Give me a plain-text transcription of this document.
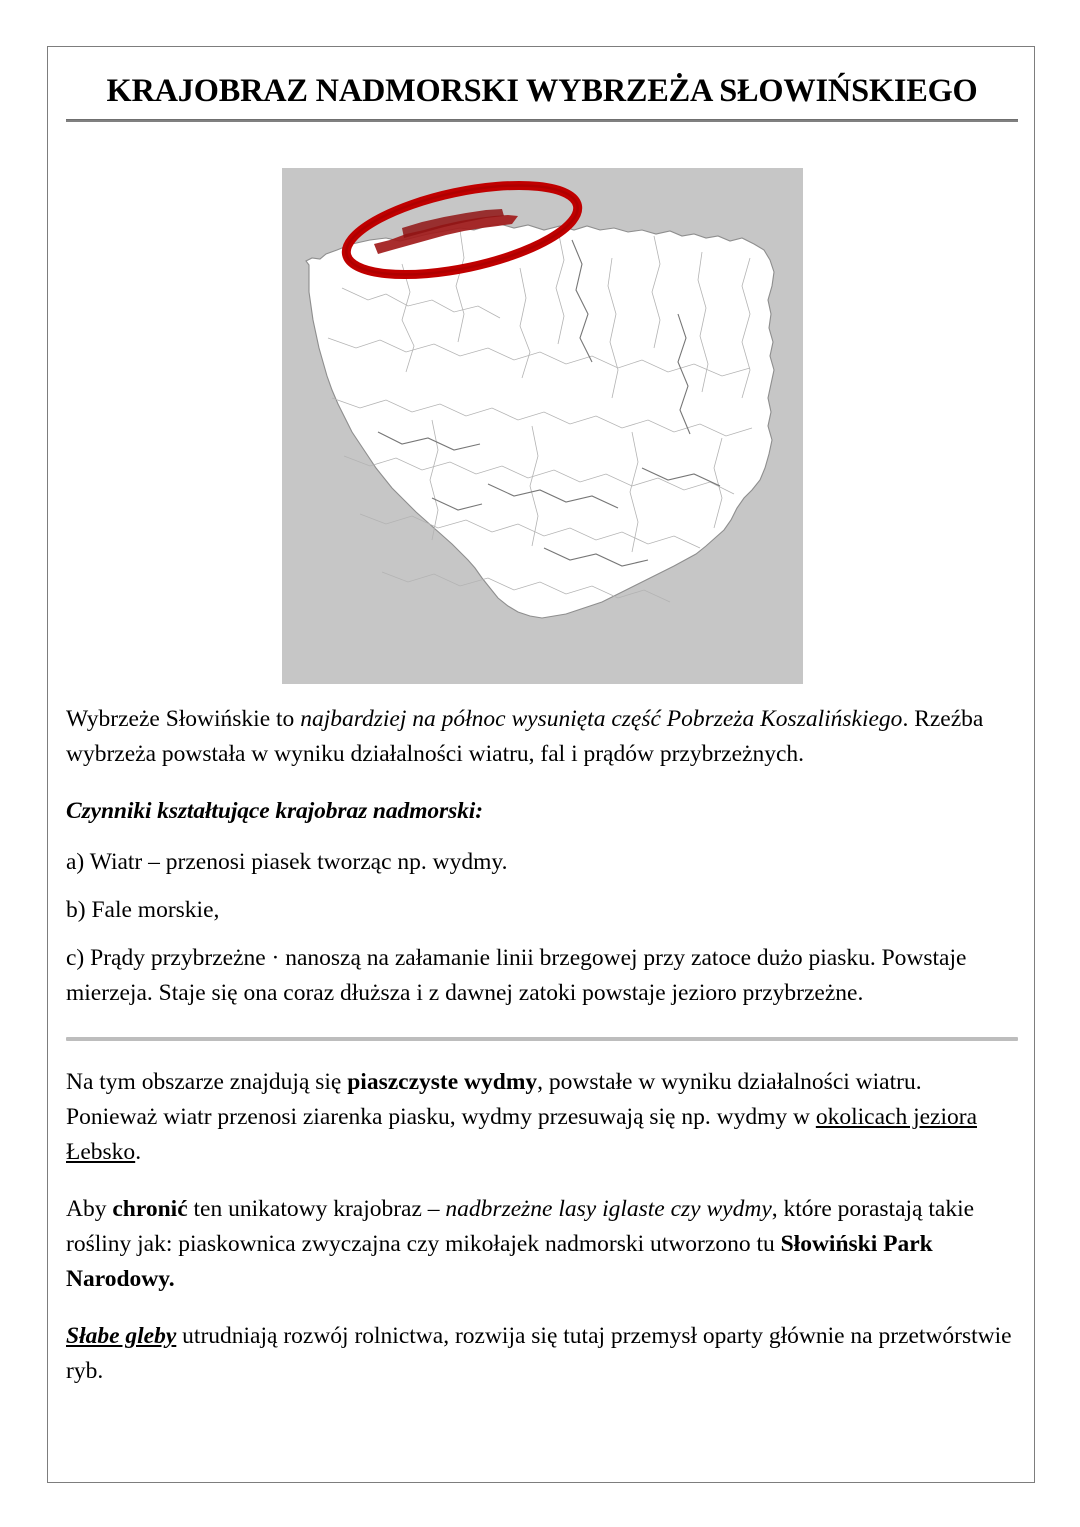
KRAJOBRAZ NADMORSKI WYBRZEŻA SŁOWIŃSKIEGO

Wybrzeże Słowińskie to najbardziej na północ wysunięta część Pobrzeża Koszalińskiego. Rzeźba wybrzeża powstała w wyniku działalności wiatru, fal i prądów przybrzeżnych.

Czynniki kształtujące krajobraz nadmorski:

a) Wiatr – przenosi piasek tworząc np. wydmy.

b) Fale morskie,

c) Prądy przybrzeżne · nanoszą na załamanie linii brzegowej przy zatoce dużo piasku. Powstaje mierzeja. Staje się ona coraz dłuższa i z dawnej zatoki powstaje jezioro przybrzeżne.

Na tym obszarze znajdują się piaszczyste wydmy, powstałe w wyniku działalności wiatru. Ponieważ wiatr przenosi ziarenka piasku, wydmy przesuwają się np. wydmy w okolicach jeziora Łebsko.

Aby chronić ten unikatowy krajobraz – nadbrzeżne lasy iglaste czy wydmy, które porastają takie rośliny jak: piaskownica zwyczajna czy mikołajek nadmorski utworzono tu Słowiński Park Narodowy.

Słabe gleby utrudniają rozwój rolnictwa, rozwija się tutaj przemysł oparty głównie na przetwórstwie ryb.
